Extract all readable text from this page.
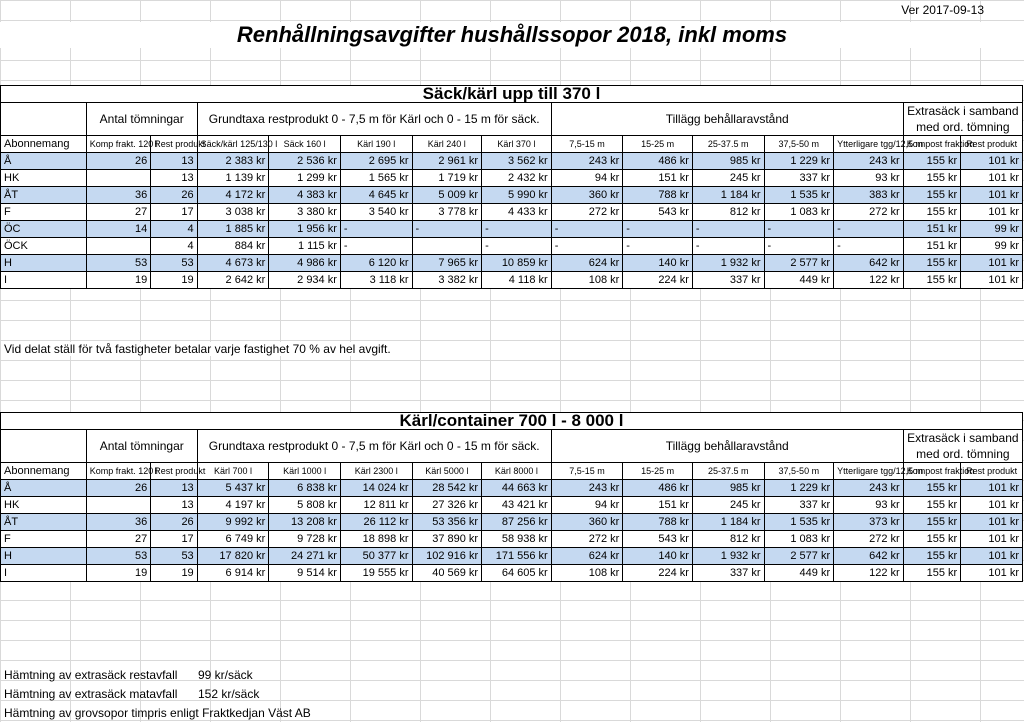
Ver 2017-09-13
Renhållningsavgifter hushållssopor 2018, inkl moms
Säck/kärl upp till 370 l														
	Antal tömningar		Grundtaxa restprodukt 0 - 7,5 m för Kärl och 0 - 15 m för säck.					Tillägg behållaravstånd					Extrasäck i samband med ord. tömning	
Abonnemang	Komp frakt. 120 l	Rest produkt	Säck/kärl 125/130 l	Säck 160 l	Kärl 190 l	Kärl 240 l	Kärl 370 l	7,5-15 m	15-25 m	25-37.5 m	37,5-50 m	Ytterligare tgg/12,5 m	Kompost fraktion	Rest produkt
Å	26	13	2 383 kr	2 536 kr	2 695 kr	2 961 kr	3 562 kr	243 kr	486 kr	985 kr	1 229 kr	243 kr	155 kr	101 kr
HK		13	1 139 kr	1 299 kr	1 565 kr	1 719 kr	2 432 kr	94 kr	151 kr	245 kr	337 kr	93 kr	155 kr	101 kr
ÅT	36	26	4 172 kr	4 383 kr	4 645 kr	5 009 kr	5 990 kr	360 kr	788 kr	1 184 kr	1 535 kr	383 kr	155 kr	101 kr
F	27	17	3 038 kr	3 380 kr	3 540 kr	3 778 kr	4 433 kr	272 kr	543 kr	812 kr	1 083 kr	272 kr	155 kr	101 kr
ÖC	14	4	1 885 kr	1 956 kr	-	-	-	-	-	-	-	-	151 kr	99 kr
ÖCK		4	884 kr	1 115 kr	-		-	-	-	-	-	-	151 kr	99 kr
H	53	53	4 673 kr	4 986 kr	6 120 kr	7 965 kr	10 859 kr	624 kr	140 kr	1 932 kr	2 577 kr	642 kr	155 kr	101 kr
I	19	19	2 642 kr	2 934 kr	3 118 kr	3 382 kr	4 118 kr	108 kr	224 kr	337 kr	449 kr	122 kr	155 kr	101 kr
Vid delat ställ för två fastigheter betalar varje fastighet 70 % av hel avgift.
Kärl/container 700 l - 8 000 l														
	Antal tömningar		Grundtaxa restprodukt 0 - 7,5 m för Kärl och 0 - 15 m för säck.					Tillägg behållaravstånd					Extrasäck i samband med ord. tömning	
Abonnemang	Komp frakt. 120 l	Rest produkt	Kärl 700 l	Kärl 1000 l	Kärl 2300 l	Kärl 5000 l	Kärl 8000 l	7,5-15 m	15-25 m	25-37.5 m	37,5-50 m	Ytterligare tgg/12,5 m	Kompost fraktion	Rest produkt
Å	26	13	5 437 kr	6 838 kr	14 024 kr	28 542 kr	44 663 kr	243 kr	486 kr	985 kr	1 229 kr	243 kr	155 kr	101 kr
HK		13	4 197 kr	5 808 kr	12 811 kr	27 326 kr	43 421 kr	94 kr	151 kr	245 kr	337 kr	93 kr	155 kr	101 kr
ÅT	36	26	9 992 kr	13 208 kr	26 112 kr	53 356 kr	87 256 kr	360 kr	788 kr	1 184 kr	1 535 kr	373 kr	155 kr	101 kr
F	27	17	6 749 kr	9 728 kr	18 898 kr	37 890 kr	58 938 kr	272 kr	543 kr	812 kr	1 083 kr	272 kr	155 kr	101 kr
H	53	53	17 820 kr	24 271 kr	50 377 kr	102 916 kr	171 556 kr	624 kr	140 kr	1 932 kr	2 577 kr	642 kr	155 kr	101 kr
I	19	19	6 914 kr	9 514 kr	19 555 kr	40 569 kr	64 605 kr	108 kr	224 kr	337 kr	449 kr	122 kr	155 kr	101 kr
Hämtning av extrasäck restavfall 99 kr/säck
Hämtning av extrasäck matavfall 152 kr/säck
Hämtning av grovsopor timpris enligt Fraktkedjan Väst AB
